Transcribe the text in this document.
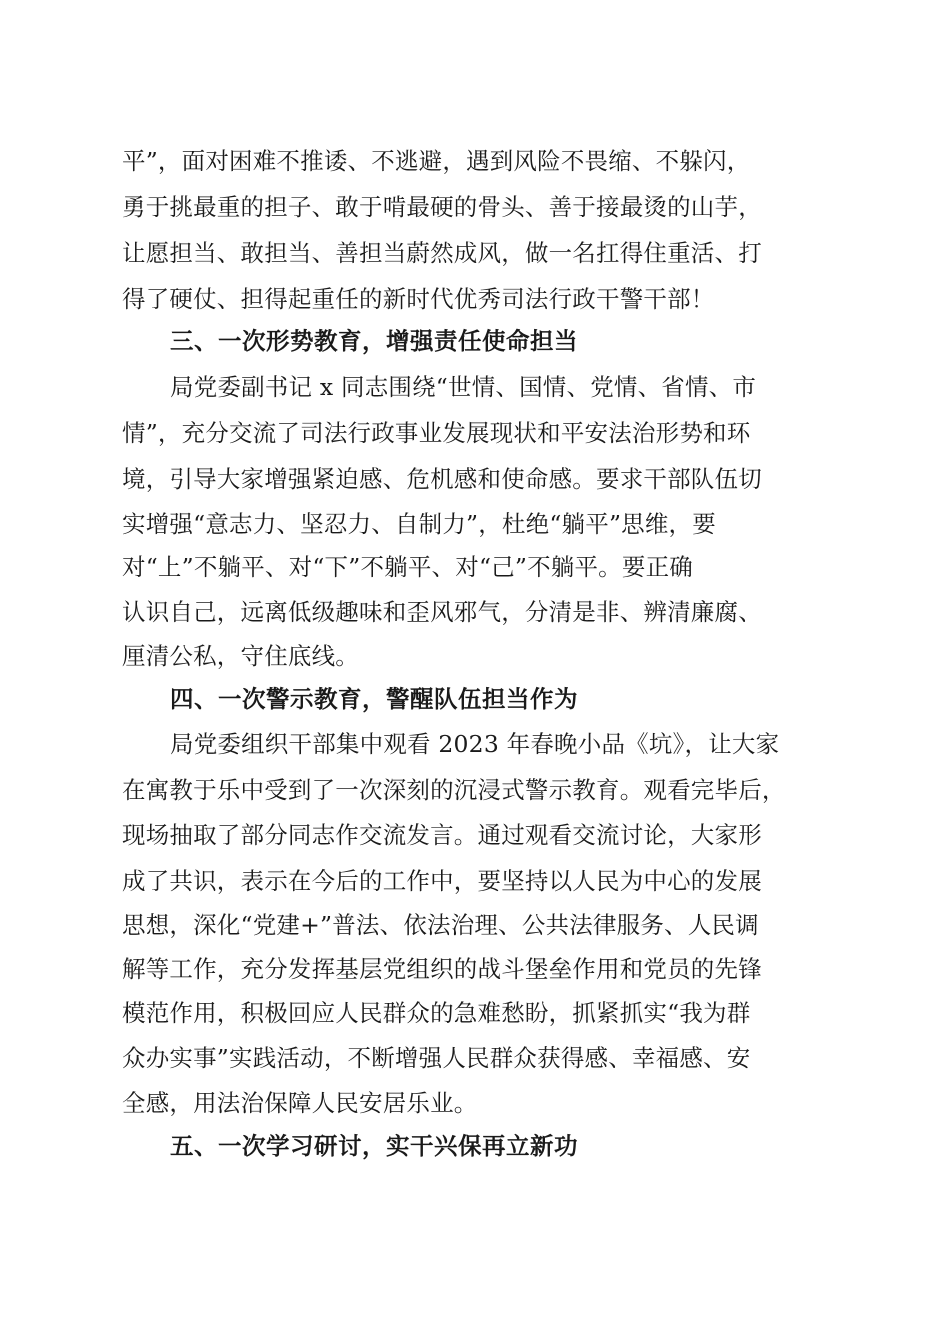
平”，面对困难不推诿、不逃避，遇到风险不畏缩、不躲闪，
勇于挑最重的担子、敢于啃最硬的骨头、善于接最烫的山芋，
让愿担当、敢担当、善担当蔚然成风，做一名扛得住重活、打
得了硬仗、担得起重任的新时代优秀司法行政干警干部！
三、一次形势教育，增强责任使命担当
局党委副书记 x 同志围绕“世情、国情、党情、省情、市
情”，充分交流了司法行政事业发展现状和平安法治形势和环
境，引导大家增强紧迫感、危机感和使命感。要求干部队伍切
实增强“意志力、坚忍力、自制力”，杜绝“躺平”思维，要
对“上”不躺平、对“下”不躺平、对“己”不躺平。要正确
认识自己，远离低级趣味和歪风邪气，分清是非、辨清廉腐、
厘清公私，守住底线。
四、一次警示教育，警醒队伍担当作为
局党委组织干部集中观看 2023 年春晚小品《坑》，让大家
在寓教于乐中受到了一次深刻的沉浸式警示教育。观看完毕后，
现场抽取了部分同志作交流发言。通过观看交流讨论，大家形
成了共识，表示在今后的工作中，要坚持以人民为中心的发展
思想，深化“党建+”普法、依法治理、公共法律服务、人民调
解等工作，充分发挥基层党组织的战斗堡垒作用和党员的先锋
模范作用，积极回应人民群众的急难愁盼，抓紧抓实“我为群
众办实事”实践活动，不断增强人民群众获得感、幸福感、安
全感，用法治保障人民安居乐业。
五、一次学习研讨，实干兴保再立新功
